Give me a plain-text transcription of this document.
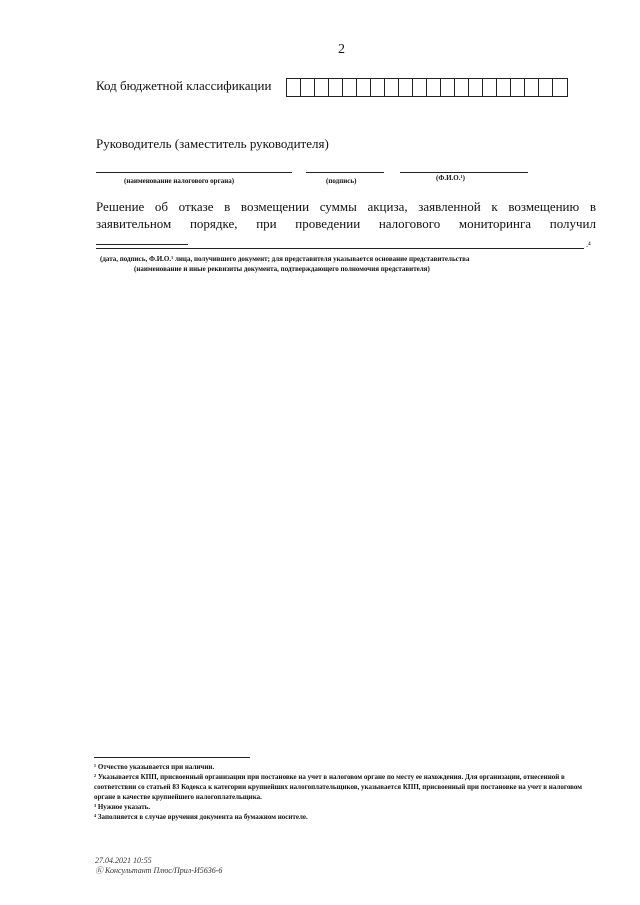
2
Код бюджетной классификации
Руководитель (заместитель руководителя)
(наименование налогового органа)	(подпись)	(Ф.И.О.¹)
Решение об отказе в возмещении суммы акциза, заявленной к возмещению в заявительном порядке, при проведении налогового мониторинга получил
.⁴
(дата, подпись, Ф.И.О.¹ лица, получившего документ; для представителя указывается основание представительства
(наименование и иные реквизиты документа, подтверждающего полномочия представителя)

¹ Отчество указывается при наличии.

² Указывается КПП, присвоенный организации при постановке на учет в налоговом органе по месту ее нахождения. Для организации, отнесенной в соответствии со статьей 83 Кодекса к категории крупнейших налогоплательщиков, указывается КПП, присвоенный при постановке на учет в налоговом органе в качестве крупнейшего налогоплательщика.

³ Нужное указать.

⁴ Заполняется в случае вручения документа на бумажном носителе.

27.04.2021 10:55
Ⓚ Консультант Плюс/Прил-И5636-6
